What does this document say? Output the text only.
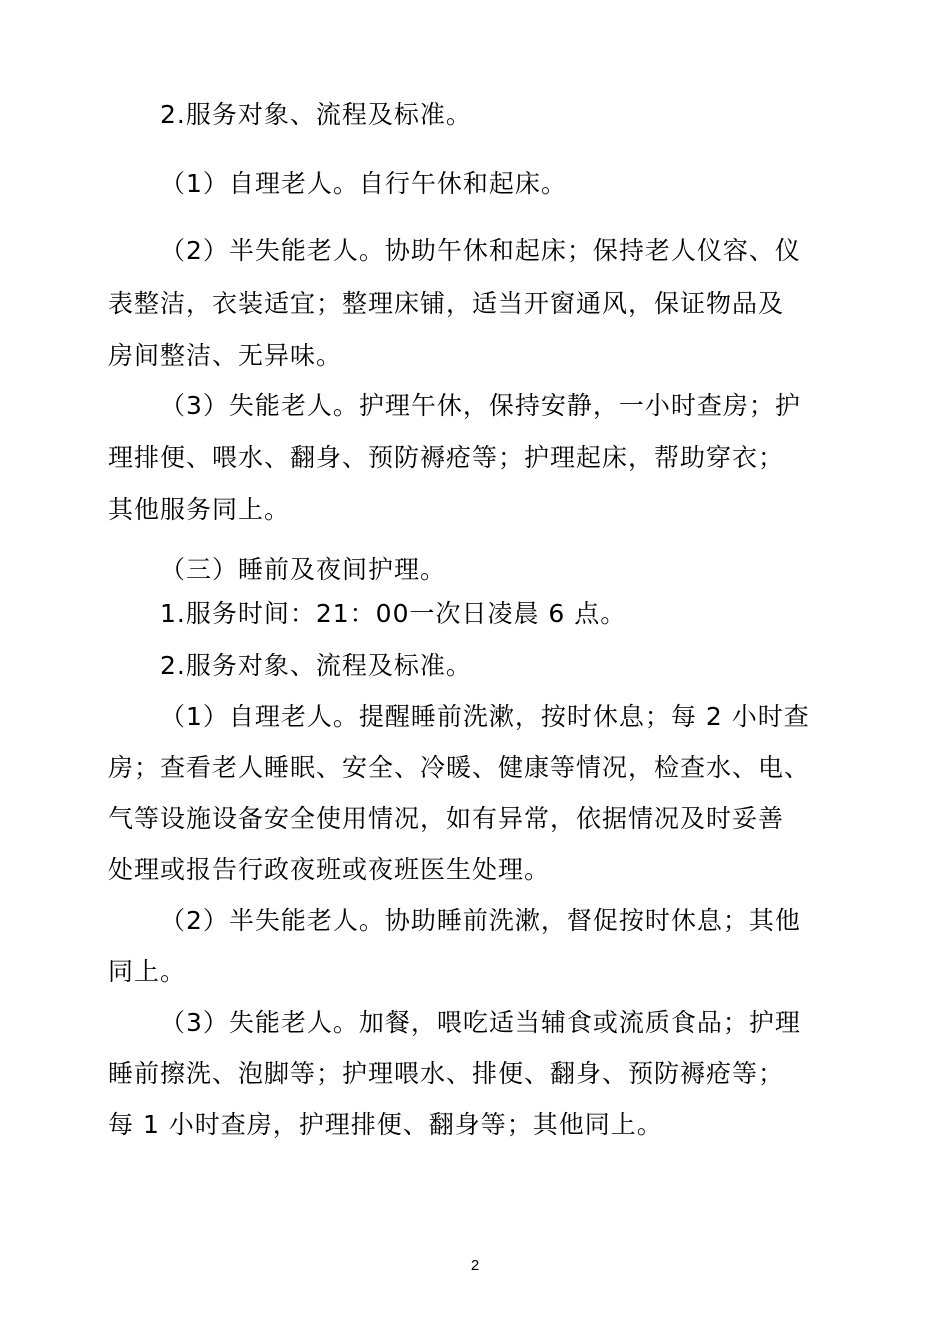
2.服务对象、流程及标准。
（1）自理老人。自行午休和起床。
（2）半失能老人。协助午休和起床；保持老人仪容、仪
表整洁，衣装适宜；整理床铺，适当开窗通风，保证物品及
房间整洁、无异味。
（3）失能老人。护理午休，保持安静，一小时查房；护
理排便、喂水、翻身、预防褥疮等；护理起床，帮助穿衣；
其他服务同上。
（三）睡前及夜间护理。
1.服务时间：21：00一次日凌晨 6 点。
2.服务对象、流程及标准。
（1）自理老人。提醒睡前洗漱，按时休息；每 2 小时查
房；查看老人睡眠、安全、冷暖、健康等情况，检查水、电、
气等设施设备安全使用情况，如有异常，依据情况及时妥善
处理或报告行政夜班或夜班医生处理。
（2）半失能老人。协助睡前洗漱，督促按时休息；其他
同上。
（3）失能老人。加餐，喂吃适当辅食或流质食品；护理
睡前擦洗、泡脚等；护理喂水、排便、翻身、预防褥疮等；
每 1 小时查房，护理排便、翻身等；其他同上。
2
